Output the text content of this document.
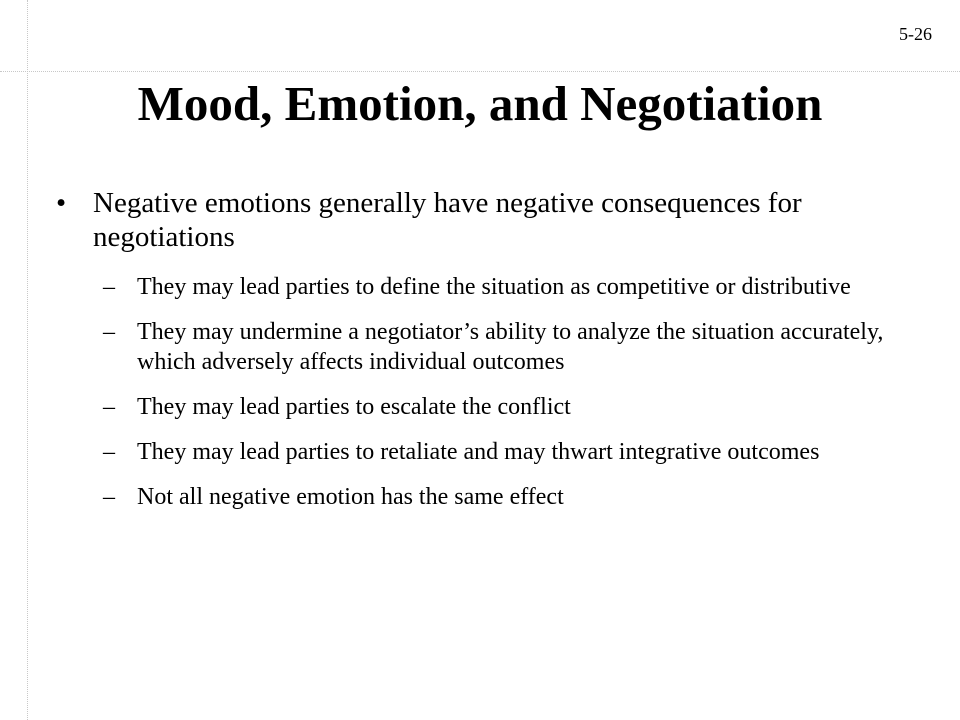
5-26
Mood, Emotion, and Negotiation
• Negative emotions generally have negative consequences for negotiations
– They may lead parties to define the situation as competitive or distributive
– They may undermine a negotiator’s ability to analyze the situation accurately, which adversely affects individual outcomes
– They may lead parties to escalate the conflict
– They may lead parties to retaliate and may thwart integrative outcomes
– Not all negative emotion has the same effect
